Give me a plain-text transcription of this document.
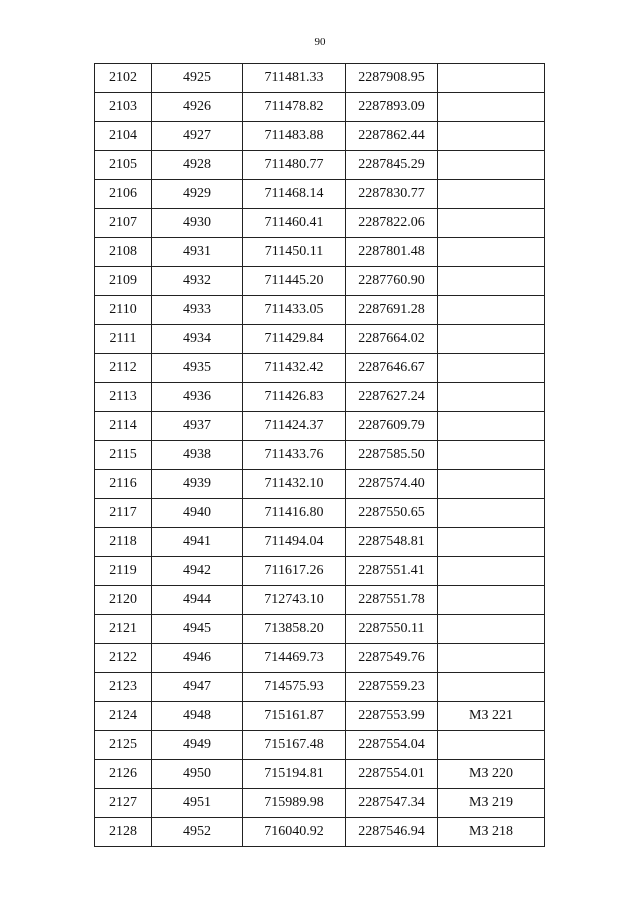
90
2102	4925	711481.33	2287908.95	
2103	4926	711478.82	2287893.09	
2104	4927	711483.88	2287862.44	
2105	4928	711480.77	2287845.29	
2106	4929	711468.14	2287830.77	
2107	4930	711460.41	2287822.06	
2108	4931	711450.11	2287801.48	
2109	4932	711445.20	2287760.90	
2110	4933	711433.05	2287691.28	
2111	4934	711429.84	2287664.02	
2112	4935	711432.42	2287646.67	
2113	4936	711426.83	2287627.24	
2114	4937	711424.37	2287609.79	
2115	4938	711433.76	2287585.50	
2116	4939	711432.10	2287574.40	
2117	4940	711416.80	2287550.65	
2118	4941	711494.04	2287548.81	
2119	4942	711617.26	2287551.41	
2120	4944	712743.10	2287551.78	
2121	4945	713858.20	2287550.11	
2122	4946	714469.73	2287549.76	
2123	4947	714575.93	2287559.23	
2124	4948	715161.87	2287553.99	МЗ 221
2125	4949	715167.48	2287554.04	
2126	4950	715194.81	2287554.01	МЗ 220
2127	4951	715989.98	2287547.34	МЗ 219
2128	4952	716040.92	2287546.94	МЗ 218
